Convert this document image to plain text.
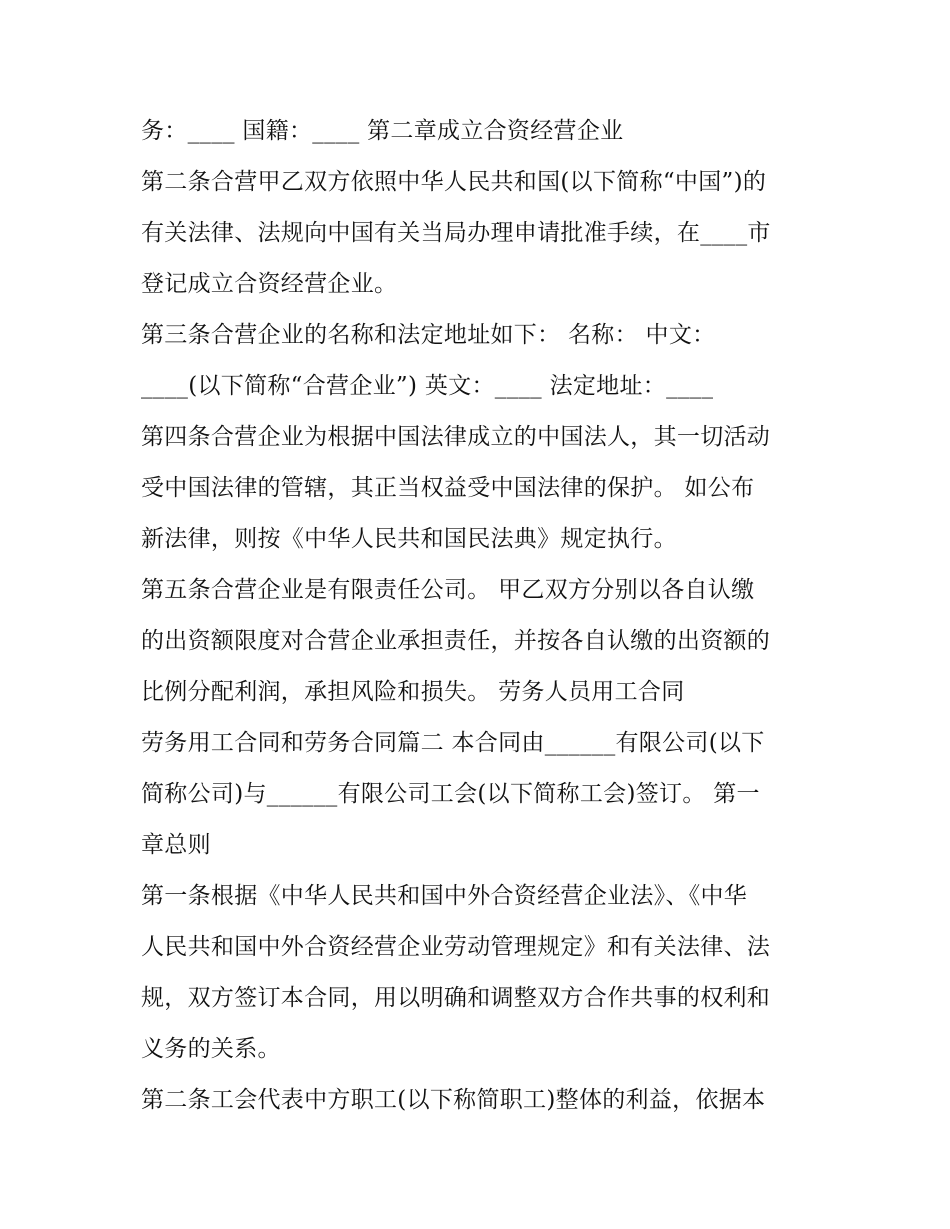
务：____ 国籍：____ 第二章成立合资经营企业
第二条合营甲乙双方依照中华人民共和国(以下简称“中国”)的
有关法律、法规向中国有关当局办理申请批准手续，在____市
登记成立合资经营企业。
第三条合营企业的名称和法定地址如下： 名称： 中文：
____(以下简称“合营企业”) 英文：____ 法定地址：____
第四条合营企业为根据中国法律成立的中国法人，其一切活动
受中国法律的管辖，其正当权益受中国法律的保护。 如公布
新法律，则按《中华人民共和国民法典》规定执行。
第五条合营企业是有限责任公司。 甲乙双方分别以各自认缴
的出资额限度对合营企业承担责任，并按各自认缴的出资额的
比例分配利润，承担风险和损失。 劳务人员用工合同
劳务用工合同和劳务合同篇二 本合同由______有限公司(以下
简称公司)与______有限公司工会(以下简称工会)签订。 第一
章总则
第一条根据《中华人民共和国中外合资经营企业法》、《中华
人民共和国中外合资经营企业劳动管理规定》和有关法律、法
规，双方签订本合同，用以明确和调整双方合作共事的权利和
义务的关系。
第二条工会代表中方职工(以下称简职工)整体的利益，依据本
